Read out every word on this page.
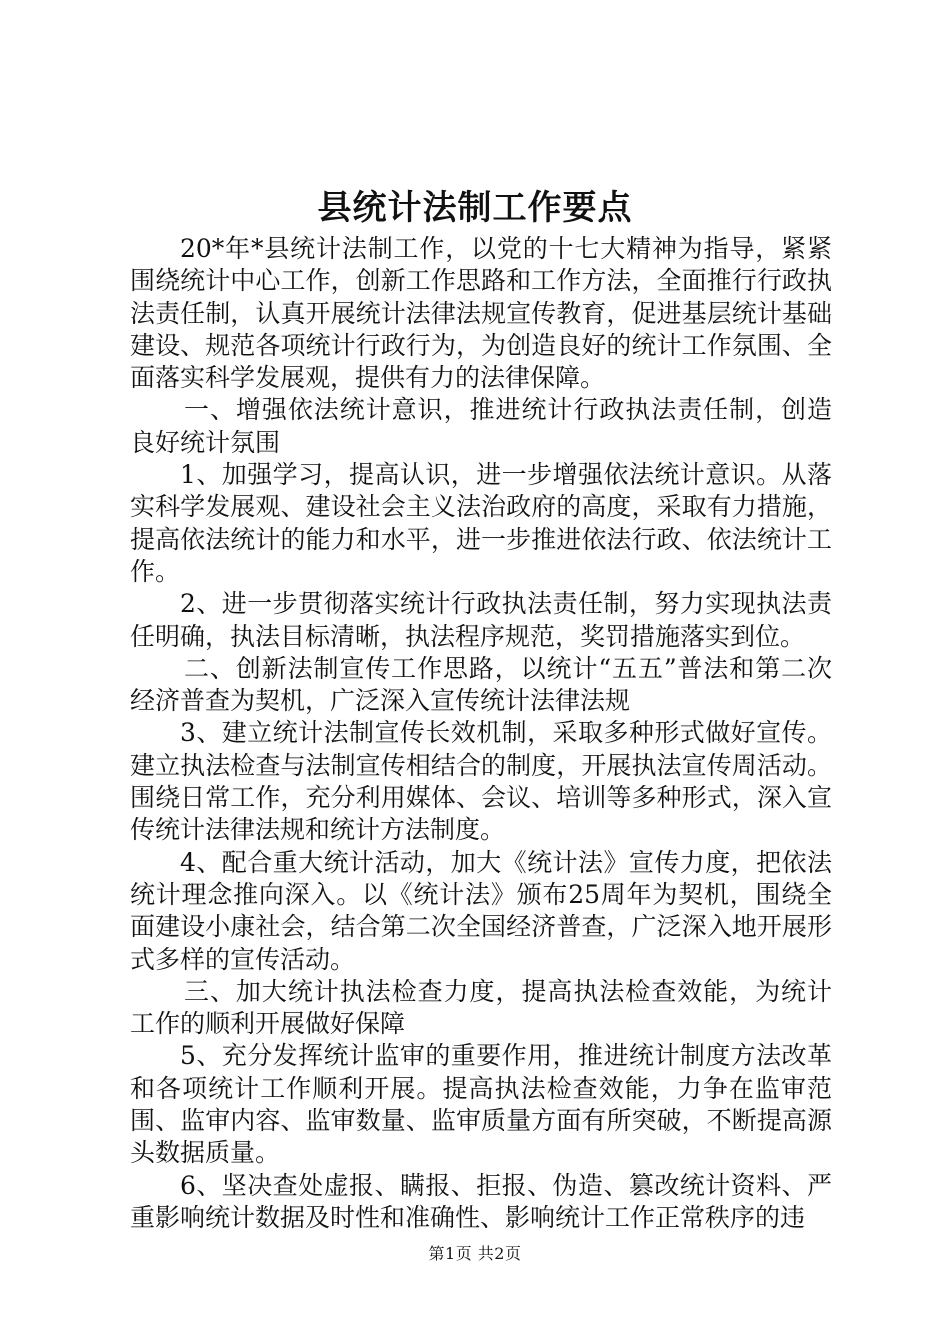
县统计法制工作要点

20*年*县统计法制工作，以党的十七大精神为指导，紧紧围绕统计中心工作，创新工作思路和工作方法，全面推行行政执法责任制，认真开展统计法律法规宣传教育，促进基层统计基础建设、规范各项统计行政行为，为创造良好的统计工作氛围、全面落实科学发展观，提供有力的法律保障。

一、增强依法统计意识，推进统计行政执法责任制，创造良好统计氛围

1、加强学习，提高认识，进一步增强依法统计意识。从落实科学发展观、建设社会主义法治政府的高度，采取有力措施，提高依法统计的能力和水平，进一步推进依法行政、依法统计工作。

2、进一步贯彻落实统计行政执法责任制，努力实现执法责任明确，执法目标清晰，执法程序规范，奖罚措施落实到位。

二、创新法制宣传工作思路，以统计“五五”普法和第二次经济普查为契机，广泛深入宣传统计法律法规

3、建立统计法制宣传长效机制，采取多种形式做好宣传。建立执法检查与法制宣传相结合的制度，开展执法宣传周活动。围绕日常工作，充分利用媒体、会议、培训等多种形式，深入宣传统计法律法规和统计方法制度。

4、配合重大统计活动，加大《统计法》宣传力度，把依法统计理念推向深入。以《统计法》颁布25周年为契机，围绕全面建设小康社会，结合第二次全国经济普查，广泛深入地开展形式多样的宣传活动。

三、加大统计执法检查力度，提高执法检查效能，为统计工作的顺利开展做好保障

5、充分发挥统计监审的重要作用，推进统计制度方法改革和各项统计工作顺利开展。提高执法检查效能，力争在监审范围、监审内容、监审数量、监审质量方面有所突破，不断提高源头数据质量。

6、坚决查处虚报、瞒报、拒报、伪造、篡改统计资料、严重影响统计数据及时性和准确性、影响统计工作正常秩序的违

第1页 共2页
